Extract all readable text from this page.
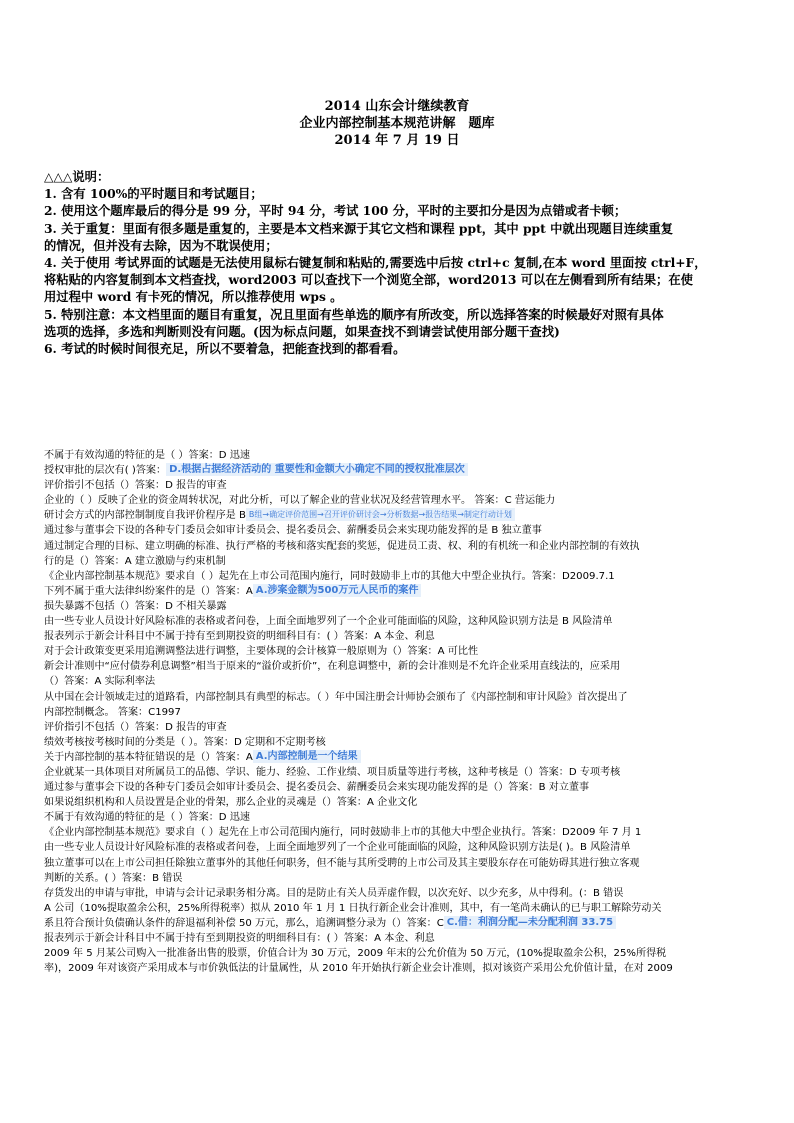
2014 山东会计继续教育
企业内部控制基本规范讲解　题库
2014 年 7 月 19 日

△△△说明：

1. 含有 100%的平时题目和考试题目；

2. 使用这个题库最后的得分是 99 分，平时 94 分，考试 100 分，平时的主要扣分是因为点错或者卡顿；

3. 关于重复：里面有很多题是重复的，主要是本文档来源于其它文档和课程 ppt，其中 ppt 中就出现题目连续重复

的情况，但并没有去除，因为不耽误使用；

4. 关于使用 考试界面的试题是无法使用鼠标右键复制和粘贴的,需要选中后按 ctrl+c 复制,在本 word 里面按 ctrl+F，

将粘贴的内容复制到本文档查找，word2003 可以查找下一个浏览全部，word2013 可以在左侧看到所有结果；在使

用过程中 word 有卡死的情况，所以推荐使用 wps 。

5. 特别注意：本文档里面的题目有重复，况且里面有些单选的顺序有所改变，所以选择答案的时候最好对照有具体

选项的选择，多选和判断则没有问题。(因为标点问题，如果查找不到请尝试使用部分题干查找)

6. 考试的时候时间很充足，所以不要着急，把能查找到的都看看。

不属于有效沟通的特征的是（ ）答案：D 迅速

授权审批的层次有( )答案： D.根据占据经济活动的 重要性和金额大小确定不同的授权批准层次

评价指引不包括（）答案：D 报告的审查

企业的（ ）反映了企业的资金周转状况，对此分析，可以了解企业的营业状况及经营管理水平。 答案：C 营运能力

研讨会方式的内部控制制度自我评价程序是 B B组→确定评价范围→召开评价研讨会→分析数据→报告结果→制定行动计划

通过参与董事会下设的各种专门委员会如审计委员会、提名委员会、薪酬委员会来实现功能发挥的是 B 独立董事

通过制定合理的目标、建立明确的标准、执行严格的考核和落实配套的奖惩，促进员工责、权、利的有机统一和企业内部控制的有效执

行的是（）答案：A 建立激励与约束机制

《企业内部控制基本规范》要求自（ ）起先在上市公司范围内施行，同时鼓励非上市的其他大中型企业执行。答案：D2009.7.1

下列不属于重大法律纠纷案件的是（）答案：A A.涉案金额为500万元人民币的案件

损失暴露不包括（）答案：D 不相关暴露

由一些专业人员设计好风险标准的表格或者问卷，上面全面地罗列了一个企业可能面临的风险，这种风险识别方法是 B 风险清单

报表列示于新会计科目中不属于持有至到期投资的明细科目有：( ）答案：A 本金、利息

对于会计政策变更采用追溯调整法进行调整，主要体现的会计核算一般原则为（）答案：A 可比性

新会计准则中“应付债券利息调整”相当于原来的“溢价或折价”，在利息调整中，新的会计准则是不允许企业采用直线法的，应采用

（）答案：A 实际利率法

从中国在会计领域走过的道路看，内部控制具有典型的标志。（ ）年中国注册会计师协会颁布了《内部控制和审计风险》首次提出了

内部控制概念。 答案：C1997

评价指引不包括（）答案：D 报告的审查

绩效考核按考核时间的分类是（ ）。答案：D 定期和不定期考核

关于内部控制的基本特征错误的是（）答案：A A.内部控制是一个结果

企业就某一具体项目对所属员工的品德、学识、能力、经验、工作业绩、项目质量等进行考核，这种考核是（）答案：D 专项考核

通过参与董事会下设的各种专门委员会如审计委员会、提名委员会、薪酬委员会来实现功能发挥的是（）答案：B 对立董事

如果说组织机构和人员设置是企业的骨架，那么企业的灵魂是（）答案：A 企业文化

不属于有效沟通的特征的是（ ）答案：D 迅速

《企业内部控制基本规范》要求自（ ）起先在上市公司范围内施行，同时鼓励非上市的其他大中型企业执行。答案：D2009 年 7 月 1

由一些专业人员设计好风险标准的表格或者问卷，上面全面地罗列了一个企业可能面临的风险，这种风险识别方法是( )。B 风险清单

独立董事可以在上市公司担任除独立董事外的其他任何职务，但不能与其所受聘的上市公司及其主要股东存在可能妨碍其进行独立客观

判断的关系。( ）答案：B 错误

存货发出的申请与审批，申请与会计记录职务相分离。目的是防止有关人员弄虚作假，以次充好、以少充多，从中得利。(：B 错误

A 公司（10%提取盈余公积，25%所得税率）拟从 2010 年 1 月 1 日执行新企业会计准则，其中，有一笔尚未确认的已与职工解除劳动关

系且符合预计负债确认条件的辞退福利补偿 50 万元，那么，追溯调整分录为（）答案：C C.借：利润分配—未分配利润 33.75

报表列示于新会计科目中不属于持有至到期投资的明细科目有：( ）答案：A 本金、利息

2009 年 5 月某公司购入一批准备出售的股票，价值合计为 30 万元，2009 年末的公允价值为 50 万元，(10%提取盈余公积，25%所得税

率)，2009 年对该资产采用成本与市价孰低法的计量属性，从 2010 年开始执行新企业会计准则，拟对该资产采用公允价值计量，在对 2009
